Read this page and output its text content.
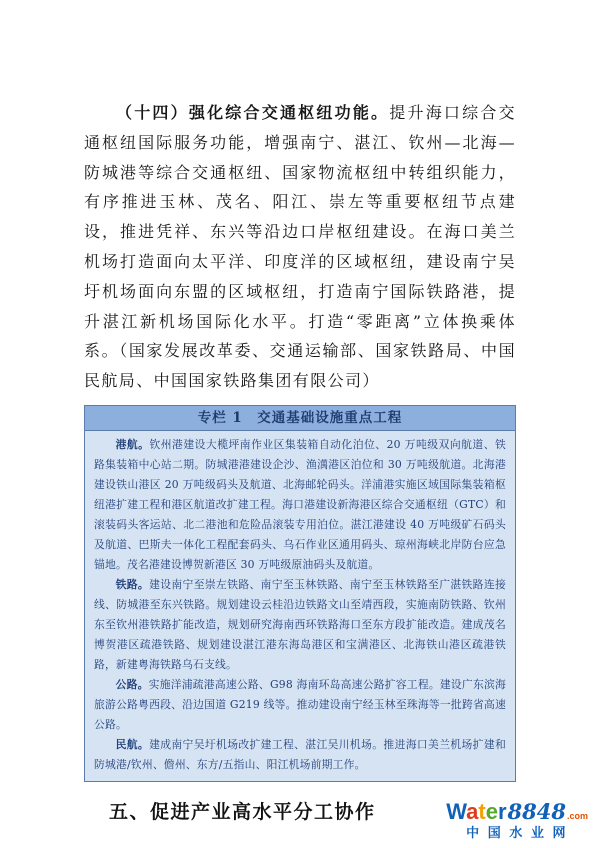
（十四）强化综合交通枢纽功能。提升海口综合交通枢纽国际服务功能，增强南宁、湛江、钦州—北海—防城港等综合交通枢纽、国家物流枢纽中转组织能力，有序推进玉林、茂名、阳江、崇左等重要枢纽节点建设，推进凭祥、东兴等沿边口岸枢纽建设。在海口美兰机场打造面向太平洋、印度洋的区域枢纽，建设南宁吴圩机场面向东盟的区域枢纽，打造南宁国际铁路港，提升湛江新机场国际化水平。打造“零距离”立体换乘体系。（国家发展改革委、交通运输部、国家铁路局、中国民航局、中国国家铁路集团有限公司）

专栏 1　交通基础设施重点工程

港航。钦州港建设大榄坪南作业区集装箱自动化泊位、20 万吨级双向航道、铁路集装箱中心站二期。防城港港建设企沙、渔澫港区泊位和 30 万吨级航道。北海港建设铁山港区 20 万吨级码头及航道、北海邮轮码头。洋浦港实施区域国际集装箱枢纽港扩建工程和港区航道改扩建工程。海口港建设新海港区综合交通枢纽（GTC）和滚装码头客运站、北二港池和危险品滚装专用泊位。湛江港建设 40 万吨级矿石码头及航道、巴斯夫一体化工程配套码头、乌石作业区通用码头、琼州海峡北岸防台应急锚地。茂名港建设博贺新港区 30 万吨级原油码头及航道。

铁路。建设南宁至崇左铁路、南宁至玉林铁路、南宁至玉林铁路至广湛铁路连接线、防城港至东兴铁路。规划建设云桂沿边铁路文山至靖西段，实施南防铁路、钦州东至钦州港铁路扩能改造，规划研究海南西环铁路海口至东方段扩能改造。建成茂名博贺港区疏港铁路、规划建设湛江港东海岛港区和宝满港区、北海铁山港区疏港铁路，新建粤海铁路乌石支线。

公路。实施洋浦疏港高速公路、G98 海南环岛高速公路扩容工程。建设广东滨海旅游公路粤西段、沿边国道 G219 线等。推动建设南宁经玉林至珠海等一批跨省高速公路。

民航。建成南宁吴圩机场改扩建工程、湛江吴川机场。推进海口美兰机场扩建和防城港/钦州、儋州、东方/五指山、阳江机场前期工作。

五、促进产业高水平分工协作	Water 8848 .com
中 国 水 业 网
